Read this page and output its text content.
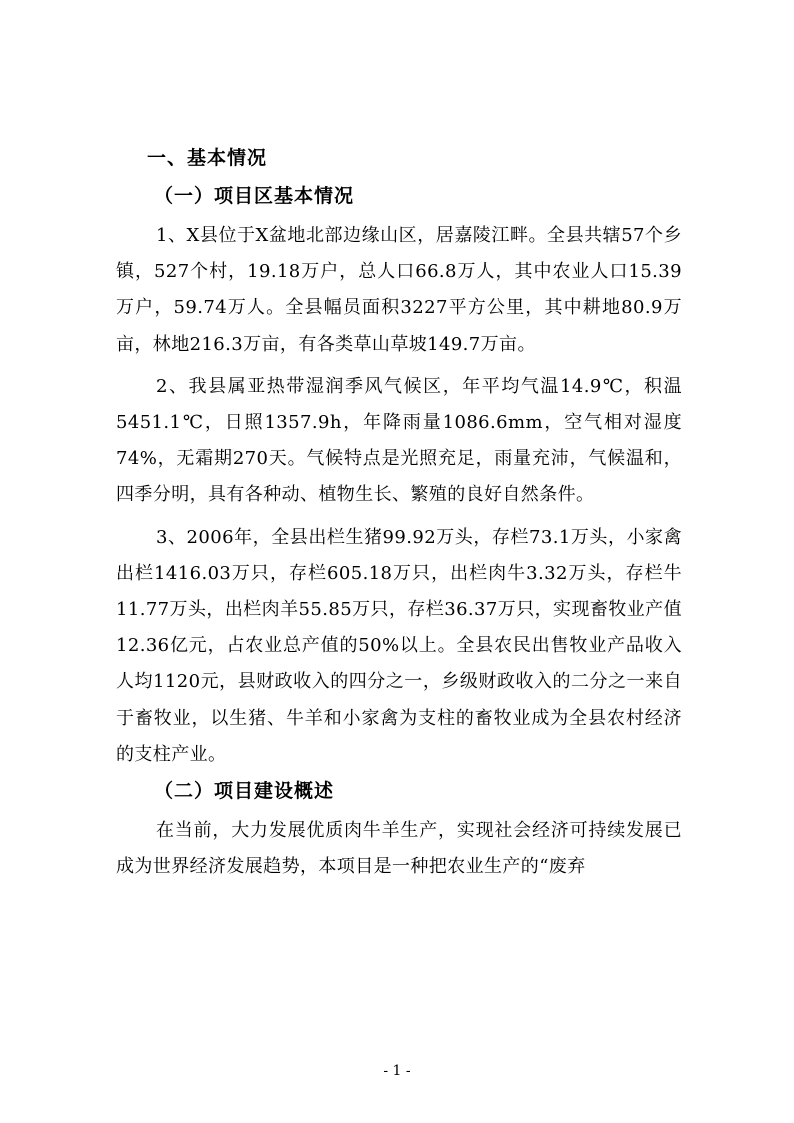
一、基本情况
（一）项目区基本情况

1、X县位于X盆地北部边缘山区，居嘉陵江畔。全县共辖57个乡镇，527个村，19.18万户，总人口66.8万人，其中农业人口15.39万户，59.74万人。全县幅员面积3227平方公里，其中耕地80.9万亩，林地216.3万亩，有各类草山草坡149.7万亩。

2、我县属亚热带湿润季风气候区，年平均气温14.9℃，积温5451.1℃，日照1357.9h，年降雨量1086.6mm，空气相对湿度74%，无霜期270天。气候特点是光照充足，雨量充沛，气候温和，四季分明，具有各种动、植物生长、繁殖的良好自然条件。

3、2006年，全县出栏生猪99.92万头，存栏73.1万头，小家禽出栏1416.03万只，存栏605.18万只，出栏肉牛3.32万头，存栏牛11.77万头，出栏肉羊55.85万只，存栏36.37万只，实现畜牧业产值12.36亿元，占农业总产值的50%以上。全县农民出售牧业产品收入人均1120元，县财政收入的四分之一，乡级财政收入的二分之一来自于畜牧业，以生猪、牛羊和小家禽为支柱的畜牧业成为全县农村经济的支柱产业。

（二）项目建设概述

在当前，大力发展优质肉牛羊生产，实现社会经济可持续发展已成为世界经济发展趋势，本项目是一种把农业生产的“废弃

- 1 -
